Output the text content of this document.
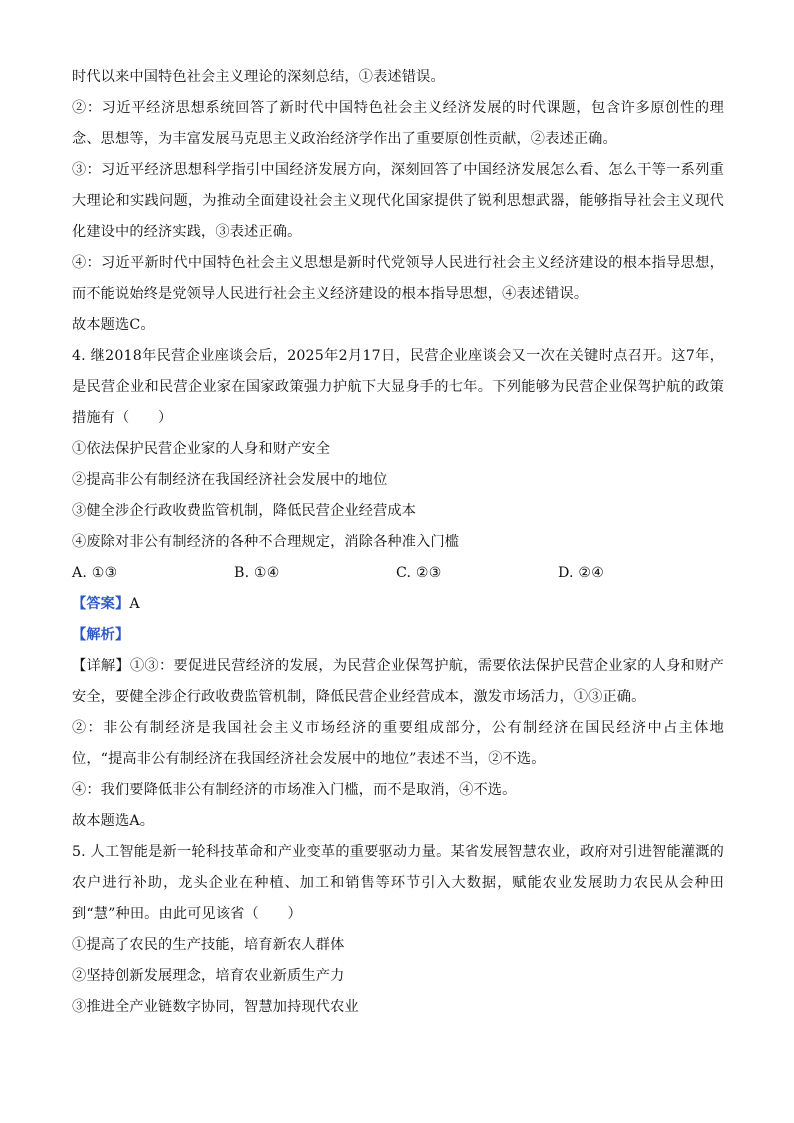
时代以来中国特色社会主义理论的深刻总结，①表述错误。

②：习近平经济思想系统回答了新时代中国特色社会主义经济发展的时代课题，包含许多原创性的理念、思想等，为丰富发展马克思主义政治经济学作出了重要原创性贡献，②表述正确。

③：习近平经济思想科学指引中国经济发展方向，深刻回答了中国经济发展怎么看、怎么干等一系列重大理论和实践问题，为推动全面建设社会主义现代化国家提供了锐利思想武器，能够指导社会主义现代化建设中的经济实践，③表述正确。

④：习近平新时代中国特色社会主义思想是新时代党领导人民进行社会主义经济建设的根本指导思想，而不能说始终是党领导人民进行社会主义经济建设的根本指导思想，④表述错误。

故本题选C。

4. 继2018年民营企业座谈会后，2025年2月17日，民营企业座谈会又一次在关键时点召开。这7年，是民营企业和民营企业家在国家政策强力护航下大显身手的七年。下列能够为民营企业保驾护航的政策措施有（　　）

①依法保护民营企业家的人身和财产安全

②提高非公有制经济在我国经济社会发展中的地位

③健全涉企行政收费监管机制，降低民营企业经营成本

④废除对非公有制经济的各种不合理规定，消除各种准入门槛

A. ①③	B. ①④	C. ②③	D. ②④

【答案】A

【解析】

【详解】①③：要促进民营经济的发展，为民营企业保驾护航，需要依法保护民营企业家的人身和财产安全，要健全涉企行政收费监管机制，降低民营企业经营成本，激发市场活力，①③正确。

②：非公有制经济是我国社会主义市场经济的重要组成部分，公有制经济在国民经济中占主体地位，“提高非公有制经济在我国经济社会发展中的地位”表述不当，②不选。

④：我们要降低非公有制经济的市场准入门槛，而不是取消，④不选。

故本题选A。

5. 人工智能是新一轮科技革命和产业变革的重要驱动力量。某省发展智慧农业，政府对引进智能灌溉的农户进行补助，龙头企业在种植、加工和销售等环节引入大数据，赋能农业发展助力农民从会种田到“慧”种田。由此可见该省（　　）

①提高了农民的生产技能，培育新农人群体

②坚持创新发展理念，培育农业新质生产力

③推进全产业链数字协同，智慧加持现代农业
